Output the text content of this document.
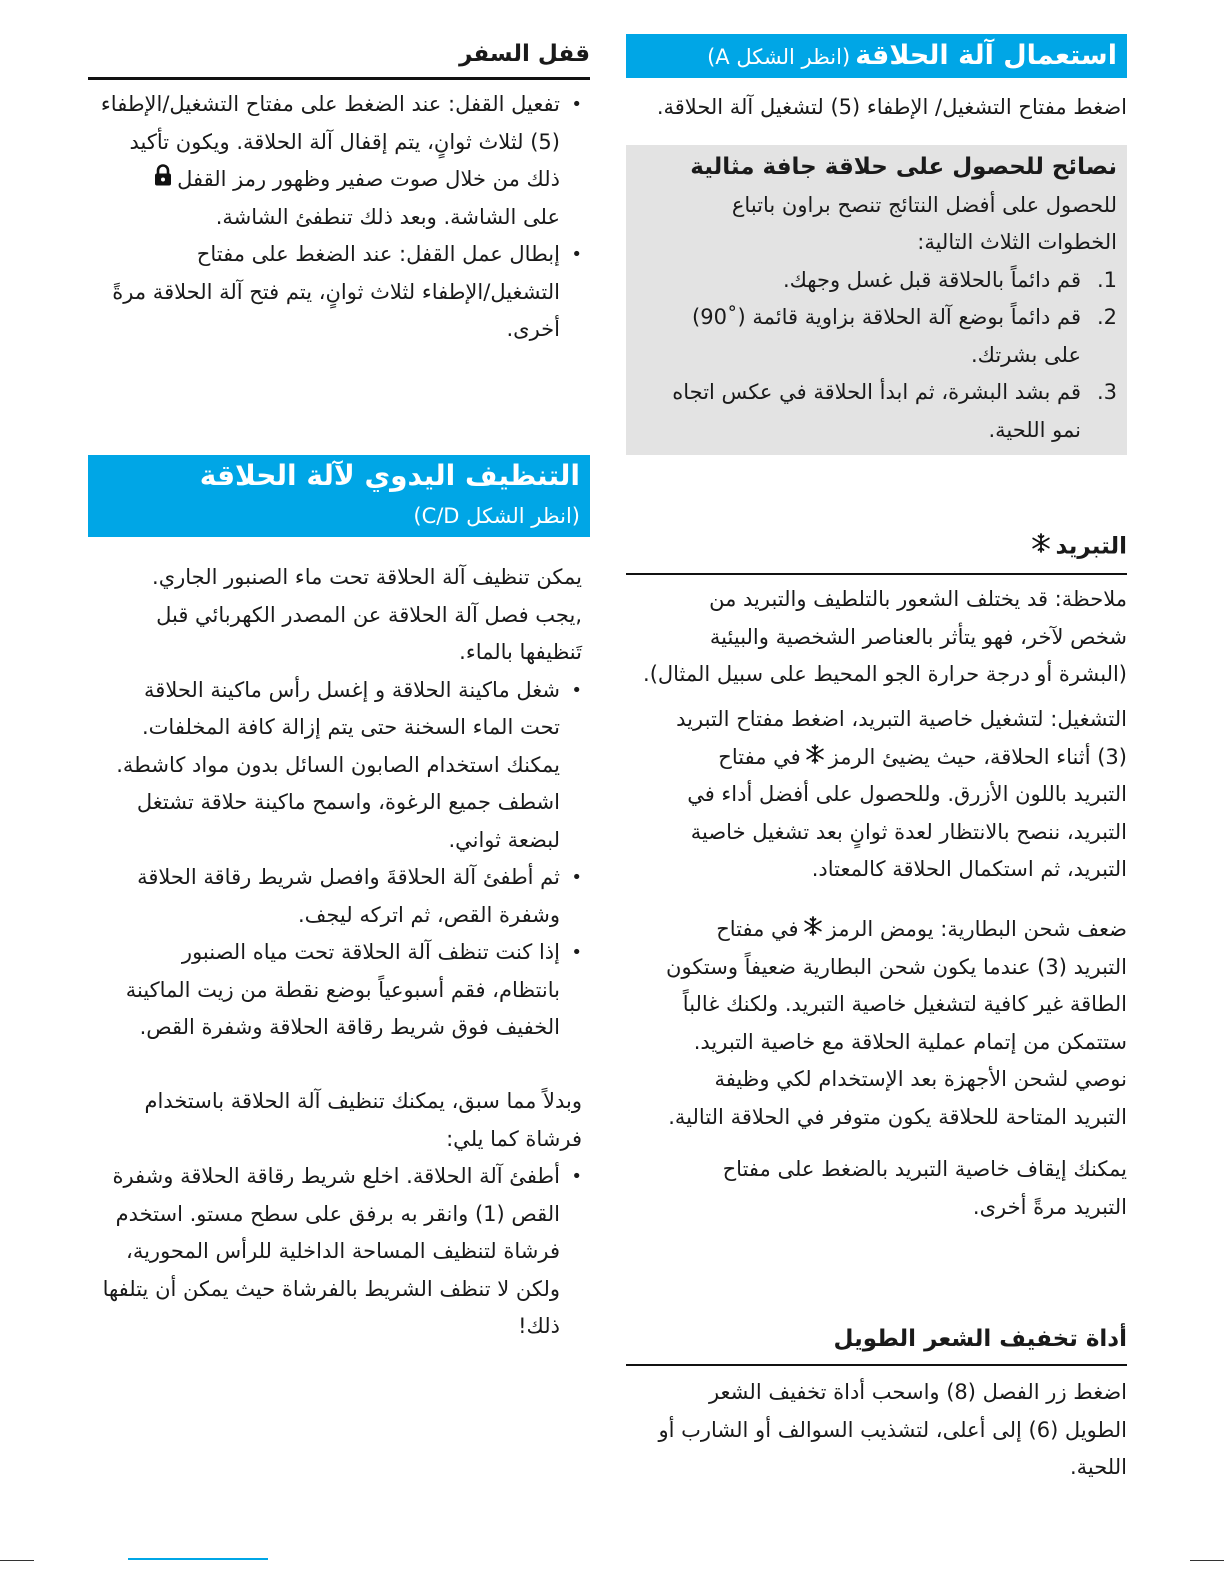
استعمال آلة الحلاقة (انظر الشكل A)
اضغط مفتاح التشغيل/ الإطفاء (5) لتشغيل آلة الحلاقة.
نصائح للحصول على حلاقة جافة مثالية
للحصول على أفضل النتائج تنصح براون باتباع
الخطوات الثلاث التالية:
1.
قم دائماً بالحلاقة قبل غسل وجهك.
2.
قم دائماً بوضع آلة الحلاقة بزاوية قائمة (˚90)
على بشرتك.
3.
قم بشد البشرة، ثم ابدأ الحلاقة في عكس اتجاه
نمو اللحية.
التبريد
ملاحظة: قد يختلف الشعور بالتلطيف والتبريد من
شخص لآخر، فهو يتأثر بالعناصر الشخصية والبيئية
(البشرة أو درجة حرارة الجو المحيط على سبيل المثال).
التشغيل: لتشغيل خاصية التبريد، اضغط مفتاح التبريد
(3) أثناء الحلاقة، حيث يضيئ الرمزفي مفتاح
التبريد باللون الأزرق. وللحصول على أفضل أداء في
التبريد، ننصح بالانتظار لعدة ثوانٍ بعد تشغيل خاصية
التبريد، ثم استكمال الحلاقة كالمعتاد.
ضعف شحن البطارية: يومض الرمزفي مفتاح
التبريد (3) عندما يكون شحن البطارية ضعيفاً وستكون
الطاقة غير كافية لتشغيل خاصية التبريد. ولكنك غالباً
ستتمكن من إتمام عملية الحلاقة مع خاصية التبريد.
نوصي لشحن الأجهزة بعد الإستخدام لكي وظيفة
التبريد المتاحة للحلاقة يكون متوفر في الحلاقة التالية.
يمكنك إيقاف خاصية التبريد بالضغط على مفتاح
التبريد مرةً أخرى.
أداة تخفيف الشعر الطويل
اضغط زر الفصل (8) واسحب أداة تخفيف الشعر
الطويل (6) إلى أعلى، لتشذيب السوالف أو الشارب أو
اللحية.
قفل السفر
•
تفعيل القفل: عند الضغط على مفتاح التشغيل/الإطفاء
(5) لثلاث ثوانٍ، يتم إقفال آلة الحلاقة. ويكون تأكيد
ذلك من خلال صوت صفير وظهور رمز القفل
على الشاشة. وبعد ذلك تنطفئ الشاشة.
•
إبطال عمل القفل: عند الضغط على مفتاح
التشغيل/الإطفاء لثلاث ثوانٍ، يتم فتح آلة الحلاقة مرةً
أخرى.
التنظيف اليدوي لآلة الحلاقة
(انظر الشكل C/D)
يمكن تنظيف آلة الحلاقة تحت ماء الصنبور الجاري.
,يجب فصل آلة الحلاقة عن المصدر الكهربائي قبل
تَنظيفها بالماء.
•
شغل ماكينة الحلاقة و إغسل رأس ماكينة الحلاقة
تحت الماء السخنة حتى يتم إزالة كافة المخلفات.
يمكنك استخدام الصابون السائل بدون مواد كاشطة.
اشطف جميع الرغوة، واسمح ماكينة حلاقة تشتغل
لبضعة ثواني.
•
ثم أطفئ آلة الحلاقةَ وافصل شريط رقاقة الحلاقة
وشفرة القص، ثم اتركه ليجف.
•
إذا كنت تنظف آلة الحلاقة تحت مياه الصنبور
بانتظام، فقم أسبوعياً بوضع نقطة من زيت الماكينة
الخفيف فوق شريط رقاقة الحلاقة وشفرة القص.
وبدلاً مما سبق، يمكنك تنظيف آلة الحلاقة باستخدام
فرشاة كما يلي:
•
أطفئ آلة الحلاقة. اخلع شريط رقاقة الحلاقة وشفرة
القص (1) وانقر به برفق على سطح مستو. استخدم
فرشاة لتنظيف المساحة الداخلية للرأس المحورية،
ولكن لا تنظف الشريط بالفرشاة حيث يمكن أن يتلفها
ذلك!
